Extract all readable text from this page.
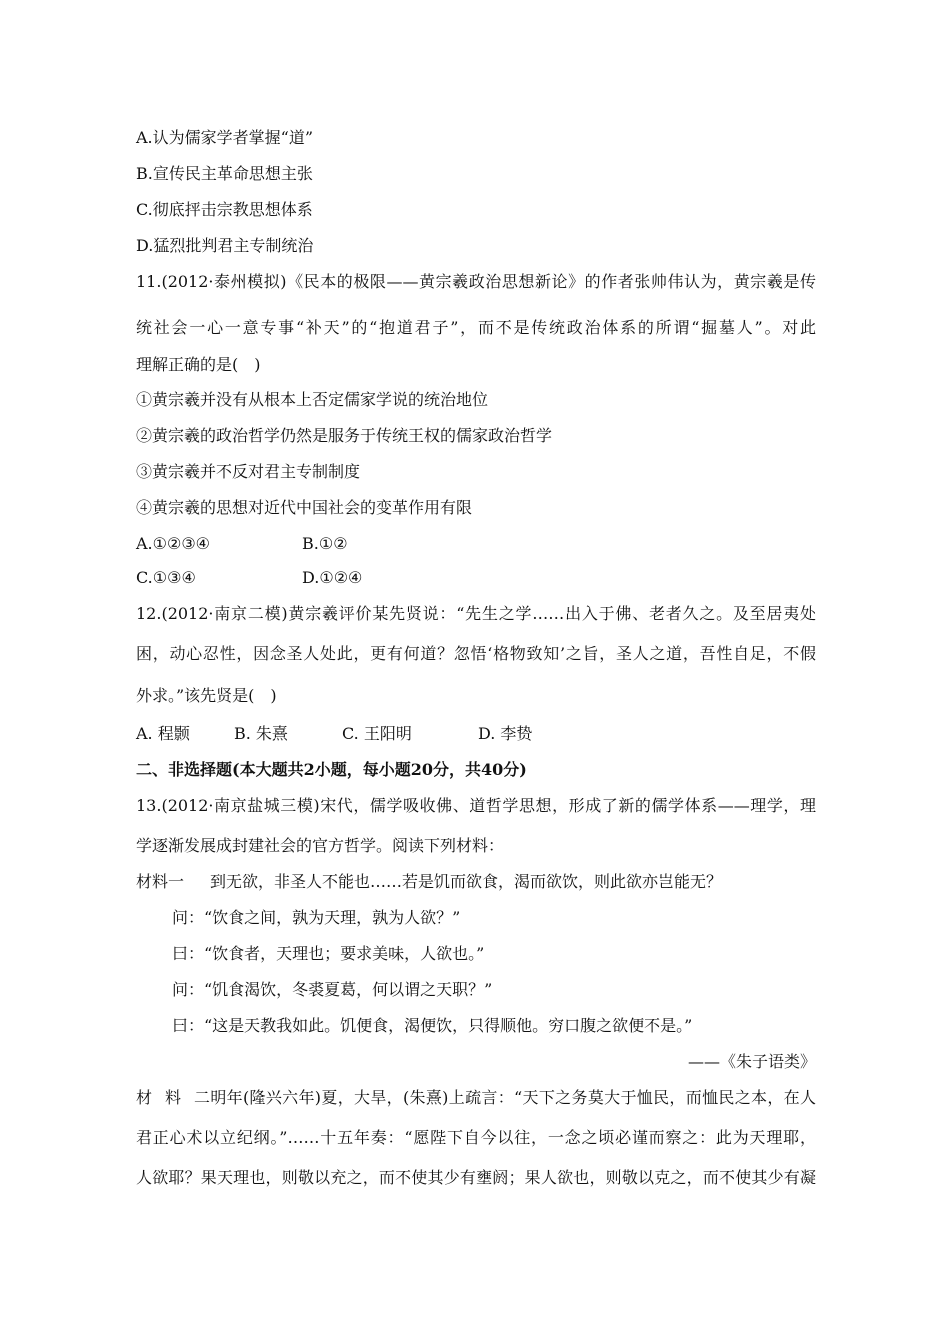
A.认为儒家学者掌握“道”
B.宣传民主革命思想主张
C.彻底抨击宗教思想体系
D.猛烈批判君主专制统治
11.(2012·泰州模拟)《民本的极限——黄宗羲政治思想新论》的作者张帅伟认为，黄宗羲是传
统社会一心一意专事“补天”的“抱道君子”，而不是传统政治体系的所谓“掘墓人”。对此
理解正确的是(　)
①黄宗羲并没有从根本上否定儒家学说的统治地位
②黄宗羲的政治哲学仍然是服务于传统王权的儒家政治哲学
③黄宗羲并不反对君主专制制度
④黄宗羲的思想对近代中国社会的变革作用有限
A.①②③④	B.①②
C.①③④	D.①②④
12.(2012·南京二模)黄宗羲评价某先贤说：“先生之学……出入于佛、老者久之。及至居夷处
困，动心忍性，因念圣人处此，更有何道？忽悟‘格物致知’之旨，圣人之道，吾性自足，不假
外求。”该先贤是(　)
A. 程颢	B. 朱熹	C. 王阳明	D. 李贽
二、非选择题(本大题共2小题，每小题20分，共40分)
13.(2012·南京盐城三模)宋代，儒学吸收佛、道哲学思想，形成了新的儒学体系——理学，理
学逐渐发展成封建社会的官方哲学。阅读下列材料：
材料一 到无欲，非圣人不能也……若是饥而欲食，渴而欲饮，则此欲亦岂能无？
问：“饮食之间，孰为天理，孰为人欲？”
曰：“饮食者，天理也；要求美味，人欲也。”
问：“饥食渴饮，冬裘夏葛，何以谓之天职？”
曰：“这是天教我如此。饥便食，渴便饮，只得顺他。穷口腹之欲便不是。”
——《朱子语类》
材料二明年(隆兴六年)夏，大旱，(朱熹)上疏言：“天下之务莫大于恤民，而恤民之本，在人
君正心术以立纪纲。”……十五年奏：“愿陛下自今以往，一念之顷必谨而察之：此为天理耶，
人欲耶？果天理也，则敬以充之，而不使其少有壅阏；果人欲也，则敬以克之，而不使其少有凝
